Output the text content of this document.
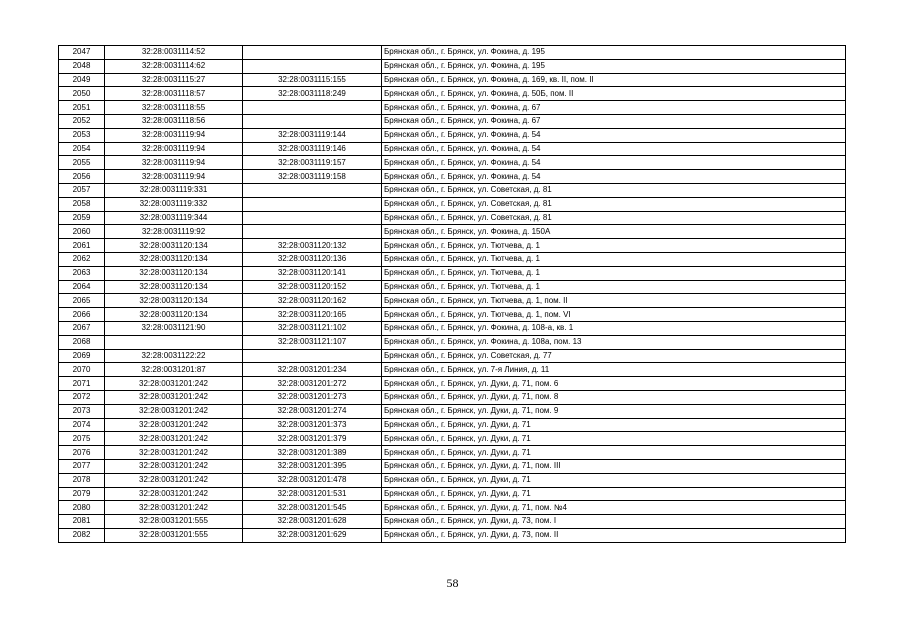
2047	32:28:0031114:52		Брянская обл., г. Брянск, ул. Фокина, д. 195
2048	32:28:0031114:62		Брянская обл., г. Брянск, ул. Фокина, д. 195
2049	32:28:0031115:27	32:28:0031115:155	Брянская обл., г. Брянск, ул. Фокина, д. 169, кв. II, пом. II
2050	32:28:0031118:57	32:28:0031118:249	Брянская обл., г. Брянск, ул. Фокина, д. 50Б, пом. II
2051	32:28:0031118:55		Брянская обл., г. Брянск, ул. Фокина, д. 67
2052	32:28:0031118:56		Брянская обл., г. Брянск, ул. Фокина, д. 67
2053	32:28:0031119:94	32:28:0031119:144	Брянская обл., г. Брянск, ул. Фокина, д. 54
2054	32:28:0031119:94	32:28:0031119:146	Брянская обл., г. Брянск, ул. Фокина, д. 54
2055	32:28:0031119:94	32:28:0031119:157	Брянская обл., г. Брянск, ул. Фокина, д. 54
2056	32:28:0031119:94	32:28:0031119:158	Брянская обл., г. Брянск, ул. Фокина, д. 54
2057	32:28:0031119:331		Брянская обл., г. Брянск, ул. Советская, д. 81
2058	32:28:0031119:332		Брянская обл., г. Брянск, ул. Советская, д. 81
2059	32:28:0031119:344		Брянская обл., г. Брянск, ул. Советская, д. 81
2060	32:28:0031119:92		Брянская обл., г. Брянск, ул. Фокина, д. 150А
2061	32:28:0031120:134	32:28:0031120:132	Брянская обл., г. Брянск, ул. Тютчева, д. 1
2062	32:28:0031120:134	32:28:0031120:136	Брянская обл., г. Брянск, ул. Тютчева, д. 1
2063	32:28:0031120:134	32:28:0031120:141	Брянская обл., г. Брянск, ул. Тютчева, д. 1
2064	32:28:0031120:134	32:28:0031120:152	Брянская обл., г. Брянск, ул. Тютчева, д. 1
2065	32:28:0031120:134	32:28:0031120:162	Брянская обл., г. Брянск, ул. Тютчева, д. 1, пом. II
2066	32:28:0031120:134	32:28:0031120:165	Брянская обл., г. Брянск, ул. Тютчева, д. 1, пом. VI
2067	32:28:0031121:90	32:28:0031121:102	Брянская обл., г. Брянск, ул. Фокина, д. 108-а, кв. 1
2068		32:28:0031121:107	Брянская обл., г. Брянск, ул. Фокина, д. 108а, пом. 13
2069	32:28:0031122:22		Брянская обл., г. Брянск, ул. Советская, д. 77
2070	32:28:0031201:87	32:28:0031201:234	Брянская обл., г. Брянск, ул. 7-я Линия, д. 11
2071	32:28:0031201:242	32:28:0031201:272	Брянская обл., г. Брянск, ул. Дуки, д. 71, пом. 6
2072	32:28:0031201:242	32:28:0031201:273	Брянская обл., г. Брянск, ул. Дуки, д. 71, пом. 8
2073	32:28:0031201:242	32:28:0031201:274	Брянская обл., г. Брянск, ул. Дуки, д. 71, пом. 9
2074	32:28:0031201:242	32:28:0031201:373	Брянская обл., г. Брянск, ул. Дуки, д. 71
2075	32:28:0031201:242	32:28:0031201:379	Брянская обл., г. Брянск, ул. Дуки, д. 71
2076	32:28:0031201:242	32:28:0031201:389	Брянская обл., г. Брянск, ул. Дуки, д. 71
2077	32:28:0031201:242	32:28:0031201:395	Брянская обл., г. Брянск, ул. Дуки, д. 71, пом. III
2078	32:28:0031201:242	32:28:0031201:478	Брянская обл., г. Брянск, ул. Дуки, д. 71
2079	32:28:0031201:242	32:28:0031201:531	Брянская обл., г. Брянск, ул. Дуки, д. 71
2080	32:28:0031201:242	32:28:0031201:545	Брянская обл., г. Брянск, ул. Дуки, д. 71, пом. №4
2081	32:28:0031201:555	32:28:0031201:628	Брянская обл., г. Брянск, ул. Дуки, д. 73, пом. I
2082	32:28:0031201:555	32:28:0031201:629	Брянская обл., г. Брянск, ул. Дуки, д. 73, пом. II
58
